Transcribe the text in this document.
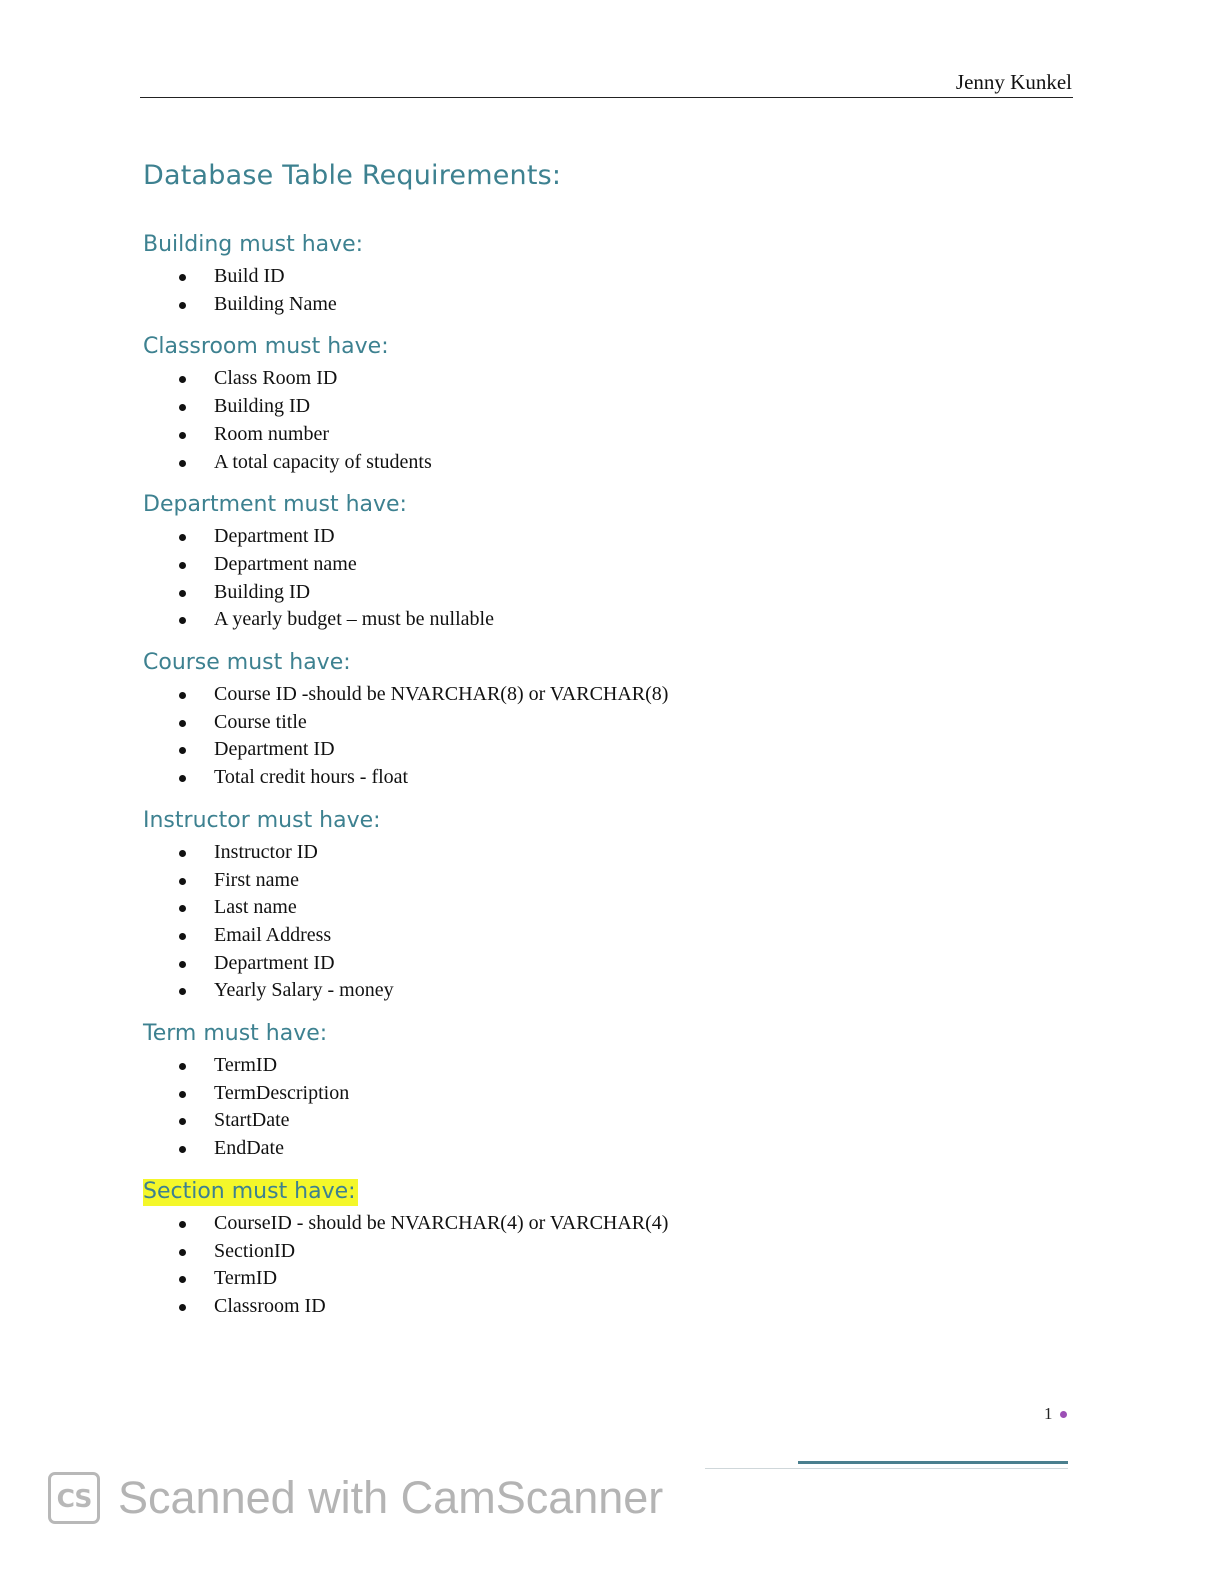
Jenny Kunkel
Database Table Requirements:
Building must have:
Build ID
Building Name
Classroom must have:
Class Room ID
Building ID
Room number
A total capacity of students
Department must have:
Department ID
Department name
Building ID
A yearly budget – must be nullable
Course must have:
Course ID -should be NVARCHAR(8) or VARCHAR(8)
Course title
Department ID
Total credit hours - float
Instructor must have:
Instructor ID
First name
Last name
Email Address
Department ID
Yearly Salary - money
Term must have:
TermID
TermDescription
StartDate
EndDate
Section must have:
CourseID - should be NVARCHAR(4) or VARCHAR(4)
SectionID
TermID
Classroom ID
1
CS Scanned with CamScanner
